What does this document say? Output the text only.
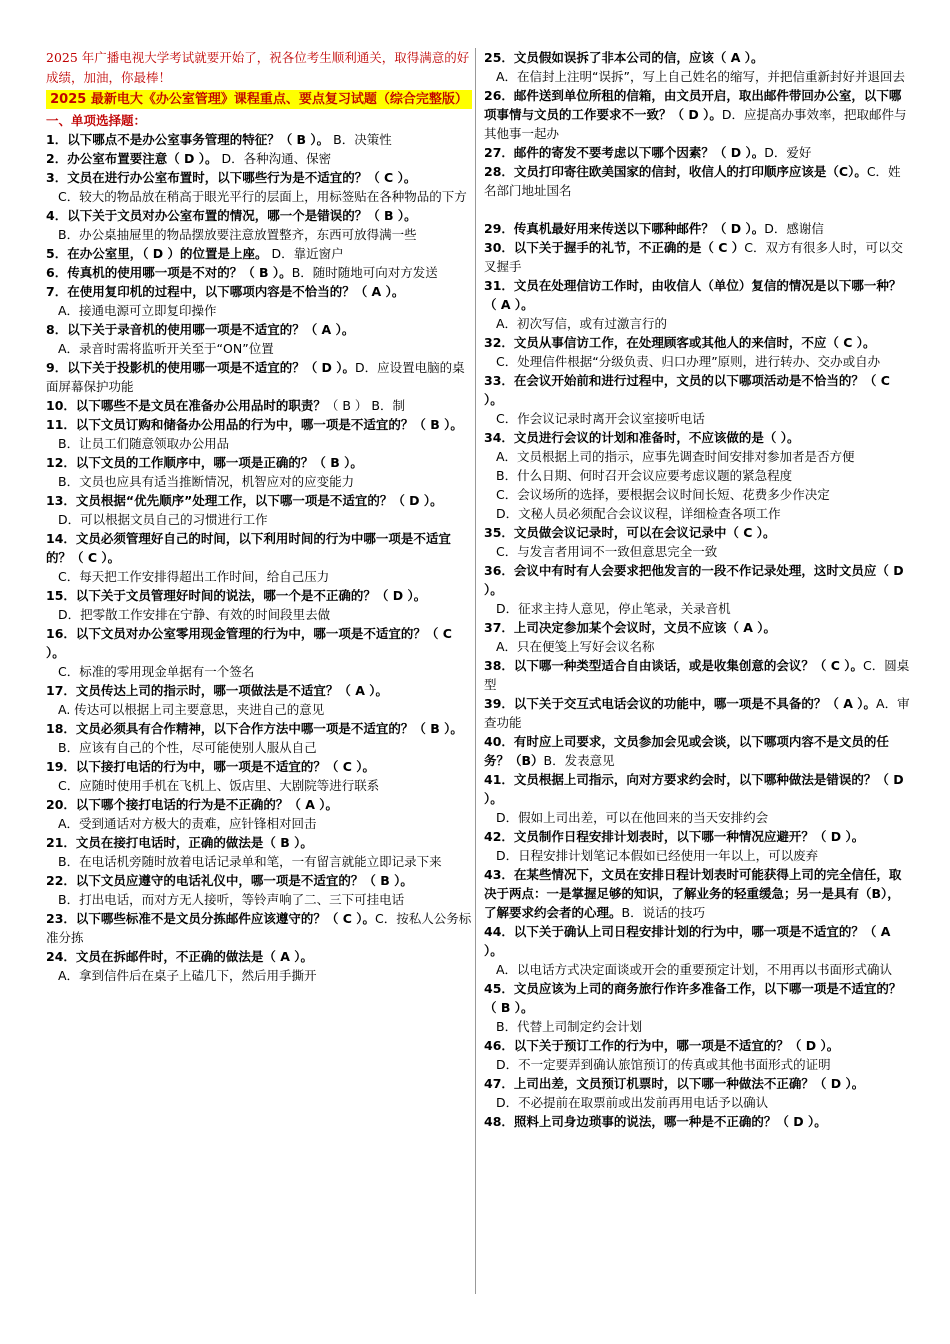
2025 年广播电视大学考试就要开始了，祝各位考生顺利通关，取得满意的好成绩，加油，你最棒！

2025 最新电大《办公室管理》课程重点、要点复习试题（综合完整版）

一、单项选择题：

1．以下哪点不是办公室事务管理的特征？（ B ）。 B．决策性

2．办公室布置要注意（ D ）。 D．各种沟通、保密

3．文员在进行办公室布置时，以下哪些行为是不适宜的？（ C ）。

C．较大的物品放在稍高于眼光平行的层面上，用标签贴在各种物品的下方

4．以下关于文员对办公室布置的情况，哪一个是错误的？（ B ）。

B．办公桌抽屉里的物品摆放要注意放置整齐，东西可放得满一些

5．在办公室里，（ D ）的位置是上座。 D．靠近窗户

6．传真机的使用哪一项是不对的？（ B ）。B．随时随地可向对方发送

7．在使用复印机的过程中，以下哪项内容是不恰当的？（ A ）。

A．接通电源可立即复印操作

8．以下关于录音机的使用哪一项是不适宜的？（ A ）。

A．录音时需将监听开关至于“ON”位置

9．以下关于投影机的使用哪一项是不适宜的？（ D ）。D．应设置电脑的桌面屏幕保护功能

10．以下哪些不是文员在准备办公用品时的职责？（ B ） B．制

11．以下文员订购和储备办公用品的行为中，哪一项是不适宜的？（ B ）。

B．让员工们随意领取办公用品

12．以下文员的工作顺序中，哪一项是正确的？（ B ）。

B．文员也应具有适当推断情况，机智应对的应变能力

13．文员根据“优先顺序”处理工作，以下哪一项是不适宜的？（ D ）。

D．可以根据文员自己的习惯进行工作

14．文员必须管理好自己的时间，以下利用时间的行为中哪一项是不适宜的？（ C ）。

C．每天把工作安排得超出工作时间，给自己压力

15．以下关于文员管理好时间的说法，哪一个是不正确的？（ D ）。

D．把零散工作安排在宁静、有效的时间段里去做

16．以下文员对办公室零用现金管理的行为中，哪一项是不适宜的？（ C ）。

C．标准的零用现金单据有一个签名

17．文员传达上司的指示时，哪一项做法是不适宜？（ A ）。

A. 传达可以根据上司主要意思，夹进自己的意见

18．文员必须具有合作精神，以下合作方法中哪一项是不适宜的？（ B ）。

B．应该有自己的个性，尽可能使别人服从自己

19．以下接打电话的行为中，哪一项是不适宜的？（ C ）。

C．应随时使用手机在飞机上、饭店里、大剧院等进行联系

20．以下哪个接打电话的行为是不正确的？（ A ）。

A．受到通话对方极大的责难，应针锋相对回击

21．文员在接打电话时，正确的做法是（ B ）。

B．在电话机旁随时放着电话记录单和笔，一有留言就能立即记录下来

22．以下文员应遵守的电话礼仪中，哪一项是不适宜的？（ B ）。

B．打出电话，而对方无人接听，等铃声响了二、三下可挂电话

23．以下哪些标准不是文员分拣邮件应该遵守的？（ C ）。C．按私人公务标准分拣

24．文员在拆邮件时，不正确的做法是（ A ）。

A．拿到信件后在桌子上磕几下，然后用手撕开

25．文员假如误拆了非本公司的信，应该（ A ）。

A．在信封上注明“误拆”，写上自己姓名的缩写，并把信重新封好并退回去

26．邮件送到单位所租的信箱，由文员开启，取出邮件带回办公室，以下哪项事情与文员的工作要求不一致？（ D ）。D．应提高办事效率，把取邮件与其他事一起办

27．邮件的寄发不要考虑以下哪个因素？（ D ）。D．爱好

28．文员打印寄往欧美国家的信封，收信人的打印顺序应该是（C）。C．姓名部门地址国名

29．传真机最好用来传送以下哪种邮件？（ D ）。D．感谢信

30．以下关于握手的礼节，不正确的是（ C ）C．双方有很多人时，可以交叉握手

31．文员在处理信访工作时，由收信人（单位）复信的情况是以下哪一种？（ A ）。

A．初次写信，或有过激言行的

32．文员从事信访工作，在处理顾客或其他人的来信时，不应（ C ）。

C．处理信件根据“分级负责、归口办理”原则，进行转办、交办或自办

33．在会议开始前和进行过程中，文员的以下哪项活动是不恰当的？（ C ）。

C．作会议记录时离开会议室接听电话

34．文员进行会议的计划和准备时，不应该做的是（ ）。

A．文员根据上司的指示，应事先调查时间安排对参加者是否方便

B．什么日期、何时召开会议应要考虑议题的紧急程度

C．会议场所的选择，要根据会议时间长短、花费多少作决定

D．文秘人员必须配合会议议程，详细检查各项工作

35．文员做会议记录时，可以在会议记录中（ C ）。

C．与发言者用词不一致但意思完全一致

36．会议中有时有人会要求把他发言的一段不作记录处理，这时文员应（ D ）。

D．征求主持人意见，停止笔录，关录音机

37．上司决定参加某个会议时，文员不应该（ A ）。

A．只在便笺上写好会议名称

38．以下哪一种类型适合自由谈话，或是收集创意的会议？（ C ）。C．圆桌型

39．以下关于交互式电话会议的功能中，哪一项是不具备的？（ A ）。A．审查功能

40．有时应上司要求，文员参加会见或会谈，以下哪项内容不是文员的任务？（B）B．发表意见

41．文员根据上司指示，向对方要求约会时，以下哪种做法是错误的？（ D ）。

D．假如上司出差，可以在他回来的当天安排约会

42．文员制作日程安排计划表时，以下哪一种情况应避开？（ D ）。

D．日程安排计划笔记本假如已经使用一年以上，可以废弃

43．在某些情况下，文员在安排日程计划表时可能获得上司的完全信任，取决于两点：一是掌握足够的知识，了解业务的轻重缓急；另一是具有（B），了解要求约会者的心理。B．说话的技巧

44．以下关于确认上司日程安排计划的行为中，哪一项是不适宜的？（ A ）。

A．以电话方式决定面谈或开会的重要预定计划，不用再以书面形式确认

45．文员应该为上司的商务旅行作许多准备工作，以下哪一项是不适宜的？（ B ）。

B．代替上司制定约会计划

46．以下关于预订工作的行为中，哪一项是不适宜的？（ D ）。

D．不一定要弄到确认旅馆预订的传真或其他书面形式的证明

47．上司出差，文员预订机票时，以下哪一种做法不正确？（ D ）。

D．不必提前在取票前或出发前再用电话予以确认

48．照料上司身边琐事的说法，哪一种是不正确的？（ D ）。
